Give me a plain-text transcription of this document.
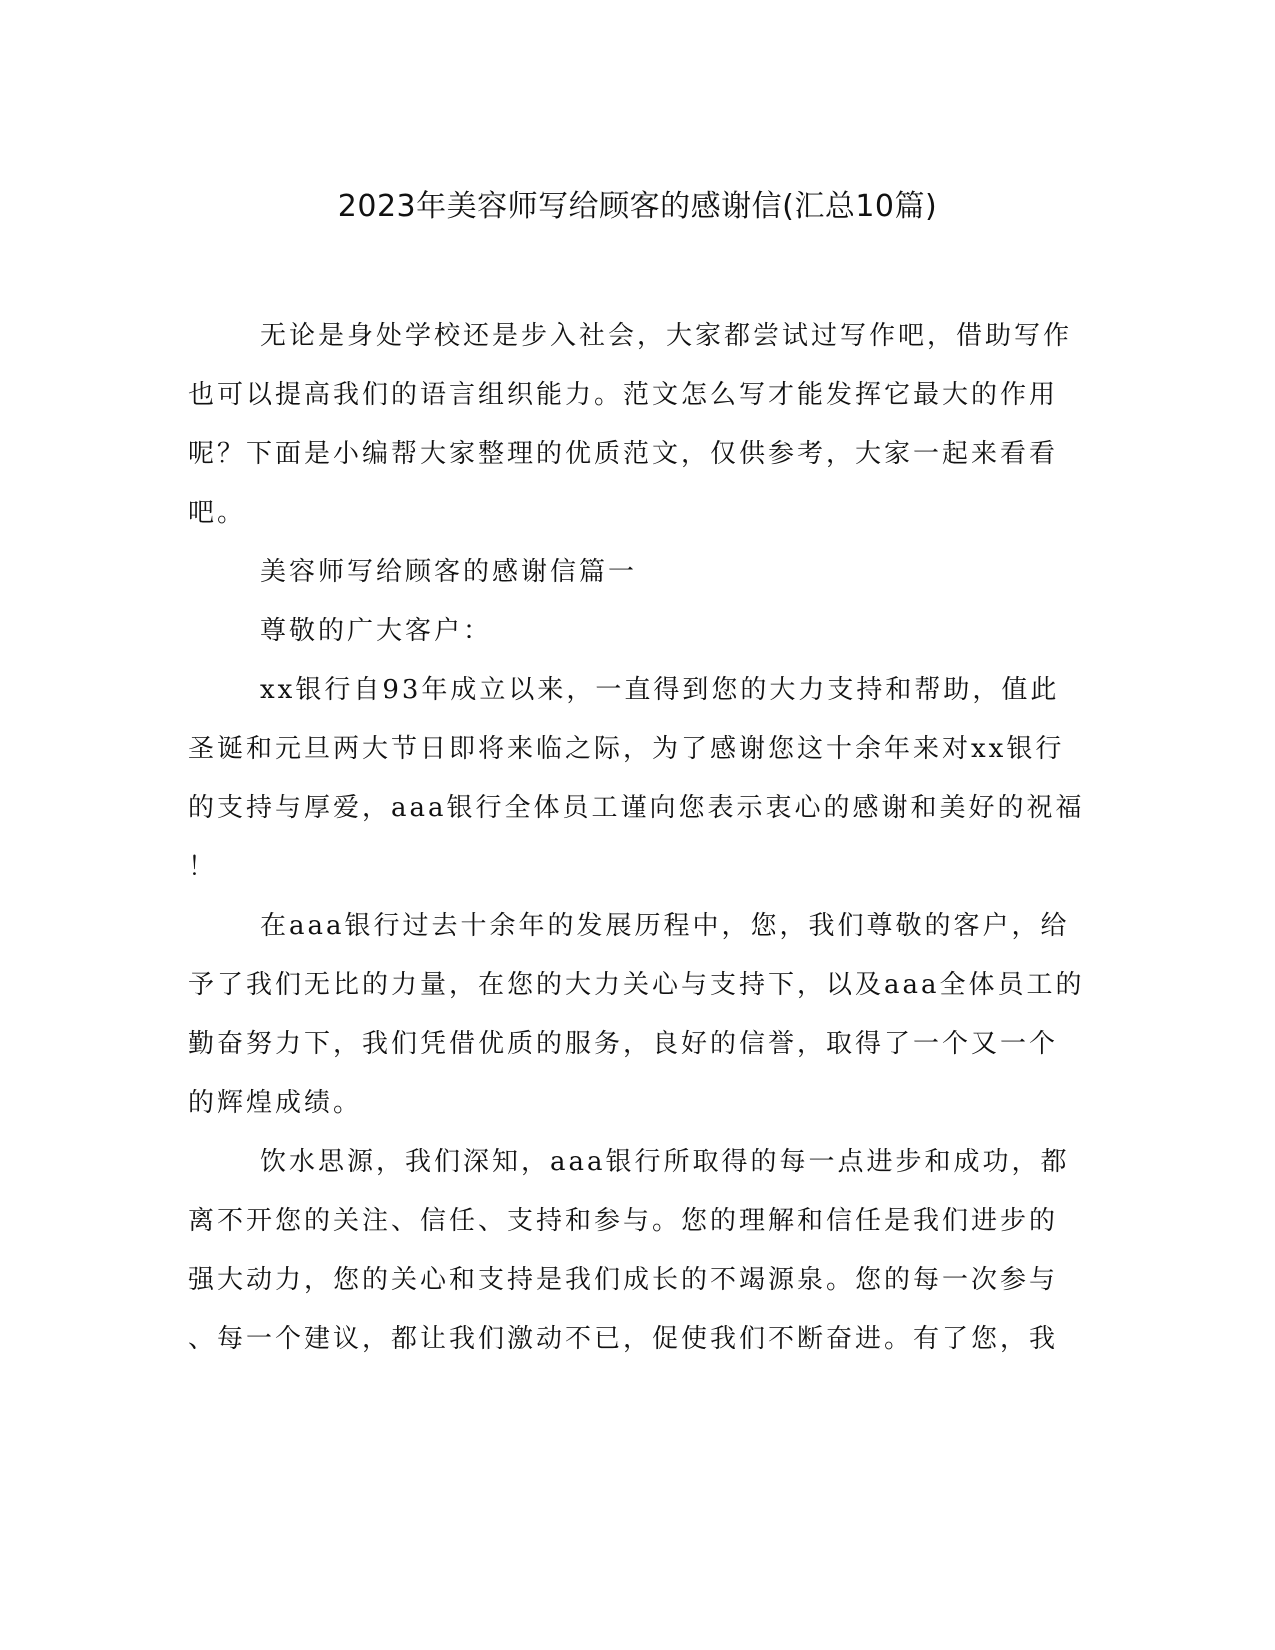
2023年美容师写给顾客的感谢信(汇总10篇)
无论是身处学校还是步入社会，大家都尝试过写作吧，借助写作
也可以提高我们的语言组织能力。范文怎么写才能发挥它最大的作用
呢？下面是小编帮大家整理的优质范文，仅供参考，大家一起来看看
吧。
美容师写给顾客的感谢信篇一
尊敬的广大客户：
xx银行自93年成立以来，一直得到您的大力支持和帮助，值此
圣诞和元旦两大节日即将来临之际，为了感谢您这十余年来对xx银行
的支持与厚爱，aaa银行全体员工谨向您表示衷心的感谢和美好的祝福
！
在aaa银行过去十余年的发展历程中，您，我们尊敬的客户，给
予了我们无比的力量，在您的大力关心与支持下，以及aaa全体员工的
勤奋努力下，我们凭借优质的服务，良好的信誉，取得了一个又一个
的辉煌成绩。
饮水思源，我们深知，aaa银行所取得的每一点进步和成功，都
离不开您的关注、信任、支持和参与。您的理解和信任是我们进步的
强大动力，您的关心和支持是我们成长的不竭源泉。您的每一次参与
、每一个建议，都让我们激动不已，促使我们不断奋进。有了您，我
